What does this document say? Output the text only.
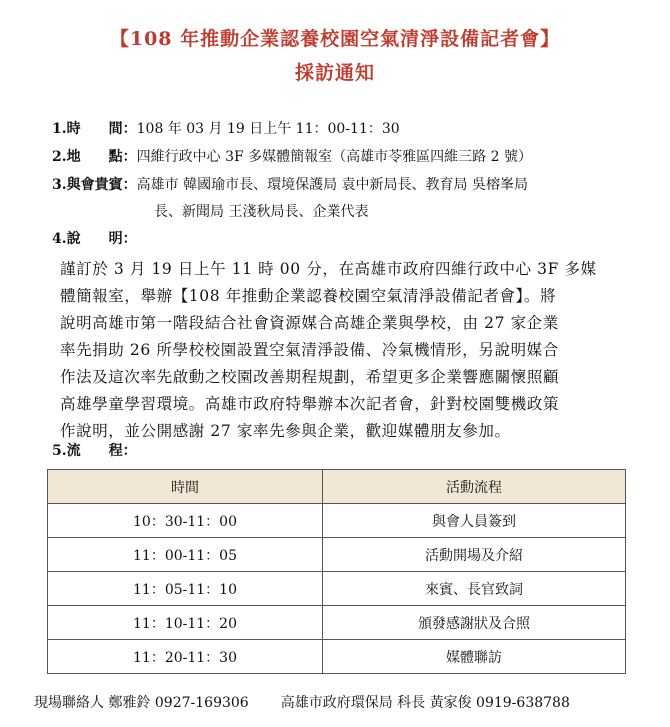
【108 年推動企業認養校園空氣清淨設備記者會】
採訪通知
1.時　　間：108 年 03 月 19 日上午 11：00-11：30
2.地　　點：四維行政中心 3F 多媒體簡報室（高雄市苓雅區四維三路 2 號）
3.與會貴賓：高雄市 韓國瑜市長、環境保護局 袁中新局長、教育局 吳榕峯局
長、新聞局 王淺秋局長、企業代表
4.說　　明：
謹訂於 3 月 19 日上午 11 時 00 分，在高雄市政府四維行政中心 3F 多媒
體簡報室，舉辦【108 年推動企業認養校園空氣清淨設備記者會】。將
說明高雄市第一階段結合社會資源媒合高雄企業與學校，由 27 家企業
率先捐助 26 所學校校園設置空氣清淨設備、冷氣機情形，另說明媒合
作法及這次率先啟動之校園改善期程規劃，希望更多企業響應關懷照顧
高雄學童學習環境。高雄市政府特舉辦本次記者會，針對校園雙機政策
作說明，並公開感謝 27 家率先參與企業，歡迎媒體朋友參加。
5.流　　程：
時間	活動流程
10：30-11：00	與會人員簽到
11：00-11：05	活動開場及介紹
11：05-11：10	來賓、長官致詞
11：10-11：20	頒發感謝狀及合照
11：20-11：30	媒體聯訪
現場聯絡人 鄭雅鈴 0927-169306 高雄市政府環保局 科長 黃家俊 0919-638788
